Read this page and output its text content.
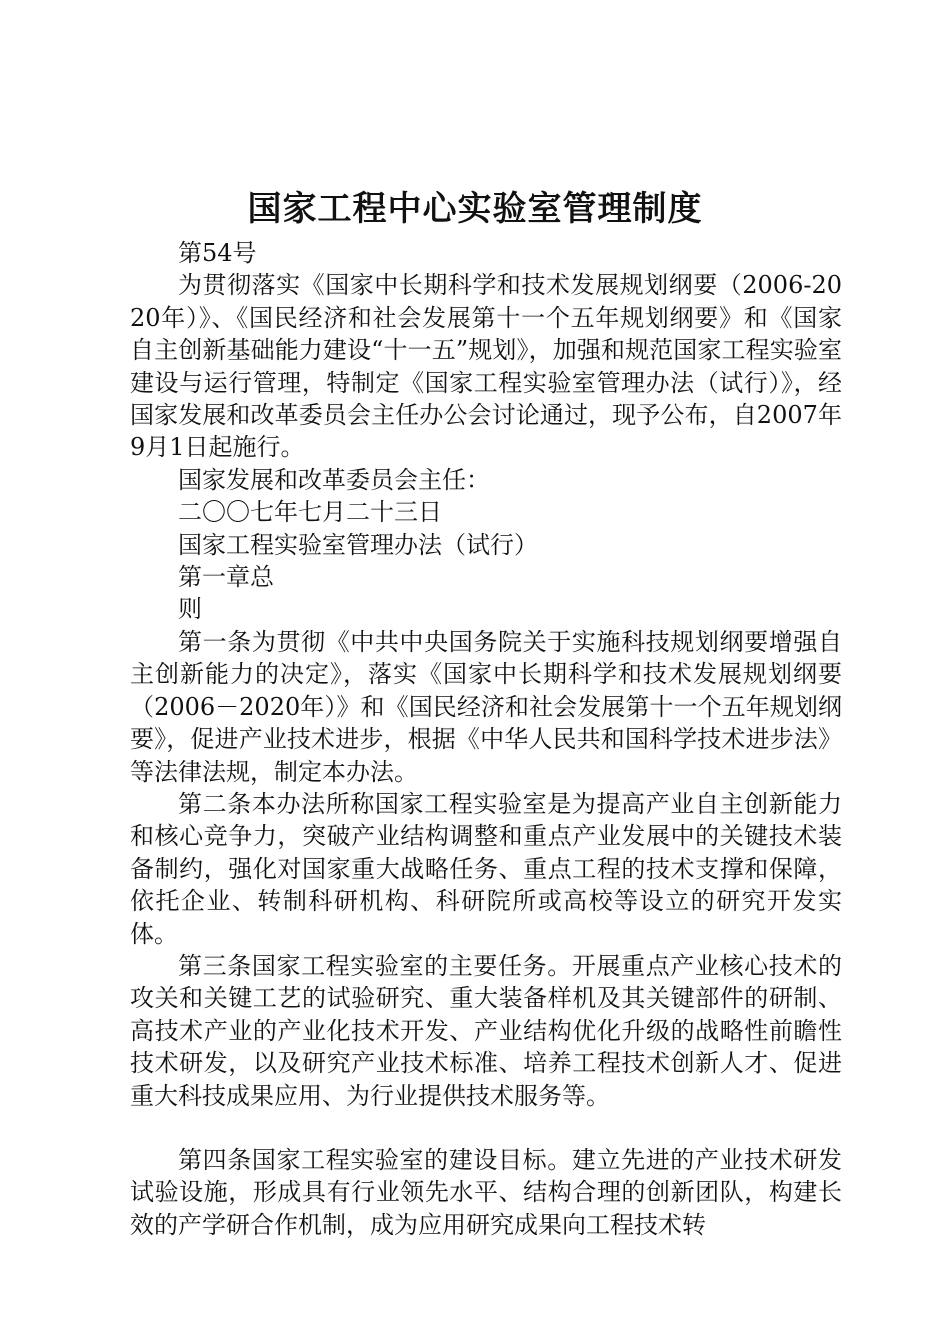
国家工程中心实验室管理制度

第54号

为贯彻落实《国家中长期科学和技术发展规划纲要（2006-2020年）》、《国民经济和社会发展第十一个五年规划纲要》和《国家自主创新基础能力建设“十一五”规划》，加强和规范国家工程实验室建设与运行管理，特制定《国家工程实验室管理办法（试行）》，经国家发展和改革委员会主任办公会讨论通过，现予公布，自2007年9月1日起施行。

国家发展和改革委员会主任：

二〇〇七年七月二十三日

国家工程实验室管理办法（试行）

第一章总

则

第一条为贯彻《中共中央国务院关于实施科技规划纲要增强自主创新能力的决定》，落实《国家中长期科学和技术发展规划纲要（2006－2020年）》和《国民经济和社会发展第十一个五年规划纲要》，促进产业技术进步，根据《中华人民共和国科学技术进步法》等法律法规，制定本办法。

第二条本办法所称国家工程实验室是为提高产业自主创新能力和核心竞争力，突破产业结构调整和重点产业发展中的关键技术装备制约，强化对国家重大战略任务、重点工程的技术支撑和保障，依托企业、转制科研机构、科研院所或高校等设立的研究开发实体。

第三条国家工程实验室的主要任务。开展重点产业核心技术的攻关和关键工艺的试验研究、重大装备样机及其关键部件的研制、高技术产业的产业化技术开发、产业结构优化升级的战略性前瞻性技术研发，以及研究产业技术标准、培养工程技术创新人才、促进重大科技成果应用、为行业提供技术服务等。

第四条国家工程实验室的建设目标。建立先进的产业技术研发试验设施，形成具有行业领先水平、结构合理的创新团队，构建长效的产学研合作机制，成为应用研究成果向工程技术转
